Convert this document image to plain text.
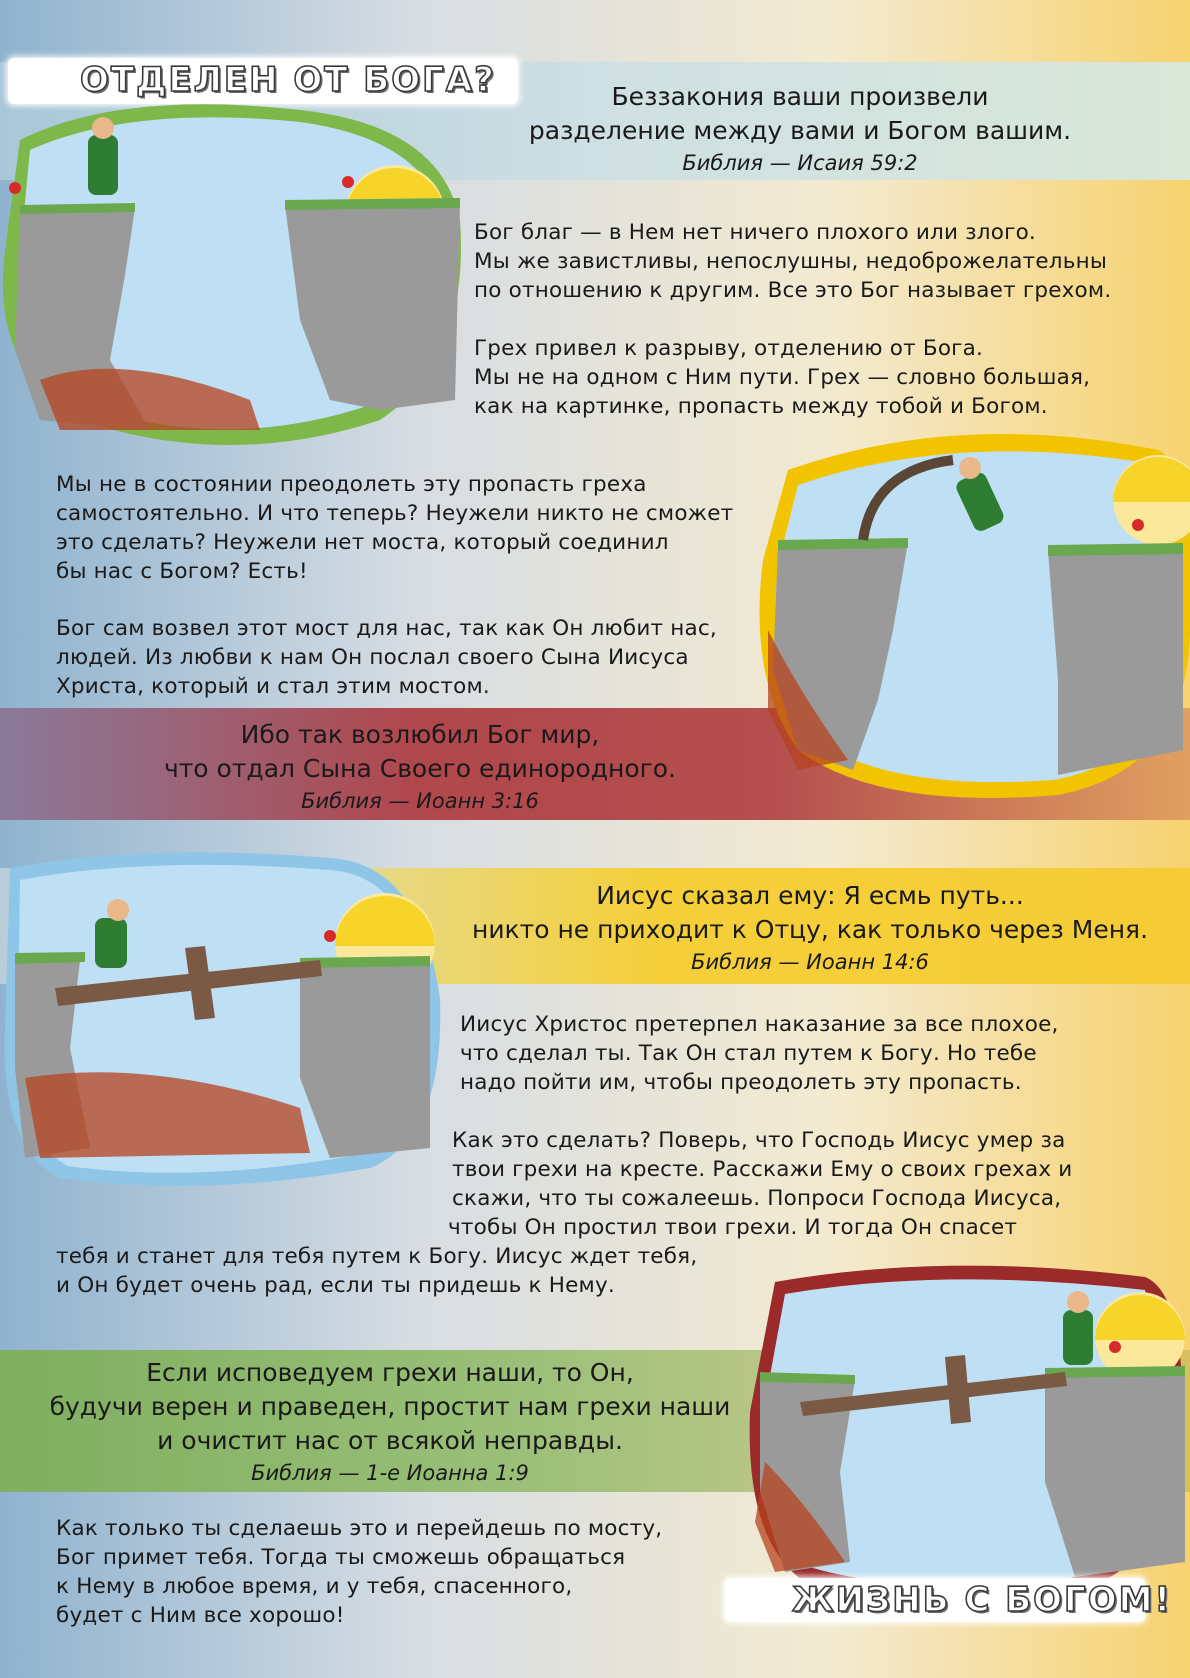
ОТДЕЛЕН ОТ БОГА?	Беззакония ваши произвели
разделение между вами и Богом вашим.
Библия — Исаия 59:2
Бог благ — в Нем нет ничего плохого или злого.
Мы же завистливы, непослушны, недоброжелательны
по отношению к другим. Все это Бог называет грехом.
Грех привел к разрыву, отделению от Бога.
Мы не на одном с Ним пути. Грех — словно большая,
как на картинке, пропасть между тобой и Богом.
Мы не в состоянии преодолеть эту пропасть греха
самостоятельно. И что теперь? Неужели никто не сможет
это сделать? Неужели нет моста, который соединил
бы нас с Богом? Есть!
Бог сам возвел этот мост для нас, так как Он любит нас,
людей. Из любви к нам Он послал своего Сына Иисуса
Христа, который и стал этим мостом.
Ибо так возлюбил Бог мир,
что отдал Сына Своего единородного.
Библия — Иоанн 3:16
Иисус сказал ему: Я есмь путь...
никто не приходит к Отцу, как только через Меня.
Библия — Иоанн 14:6
Иисус Христос претерпел наказание за все плохое,
что сделал ты. Так Он стал путем к Богу. Но тебе
надо пойти им, чтобы преодолеть эту пропасть.
Как это сделать? Поверь, что Господь Иисус умер за
твои грехи на кресте. Расскажи Ему о своих грехах и
скажи, что ты сожалеешь. Попроси Господа Иисуса,
чтобы Он простил твои грехи. И тогда Он спасет
тебя и станет для тебя путем к Богу. Иисус ждет тебя,
и Он будет очень рад, если ты придешь к Нему.
Если исповедуем грехи наши, то Он,
будучи верен и праведен, простит нам грехи наши
и очистит нас от всякой неправды.
Библия — 1-е Иоанна 1:9
Как только ты сделаешь это и перейдешь по мосту,
Бог примет тебя. Тогда ты сможешь обращаться
к Нему в любое время, и у тебя, спасенного,
будет с Ним все хорошо!	ЖИЗНЬ С БОГОМ!
